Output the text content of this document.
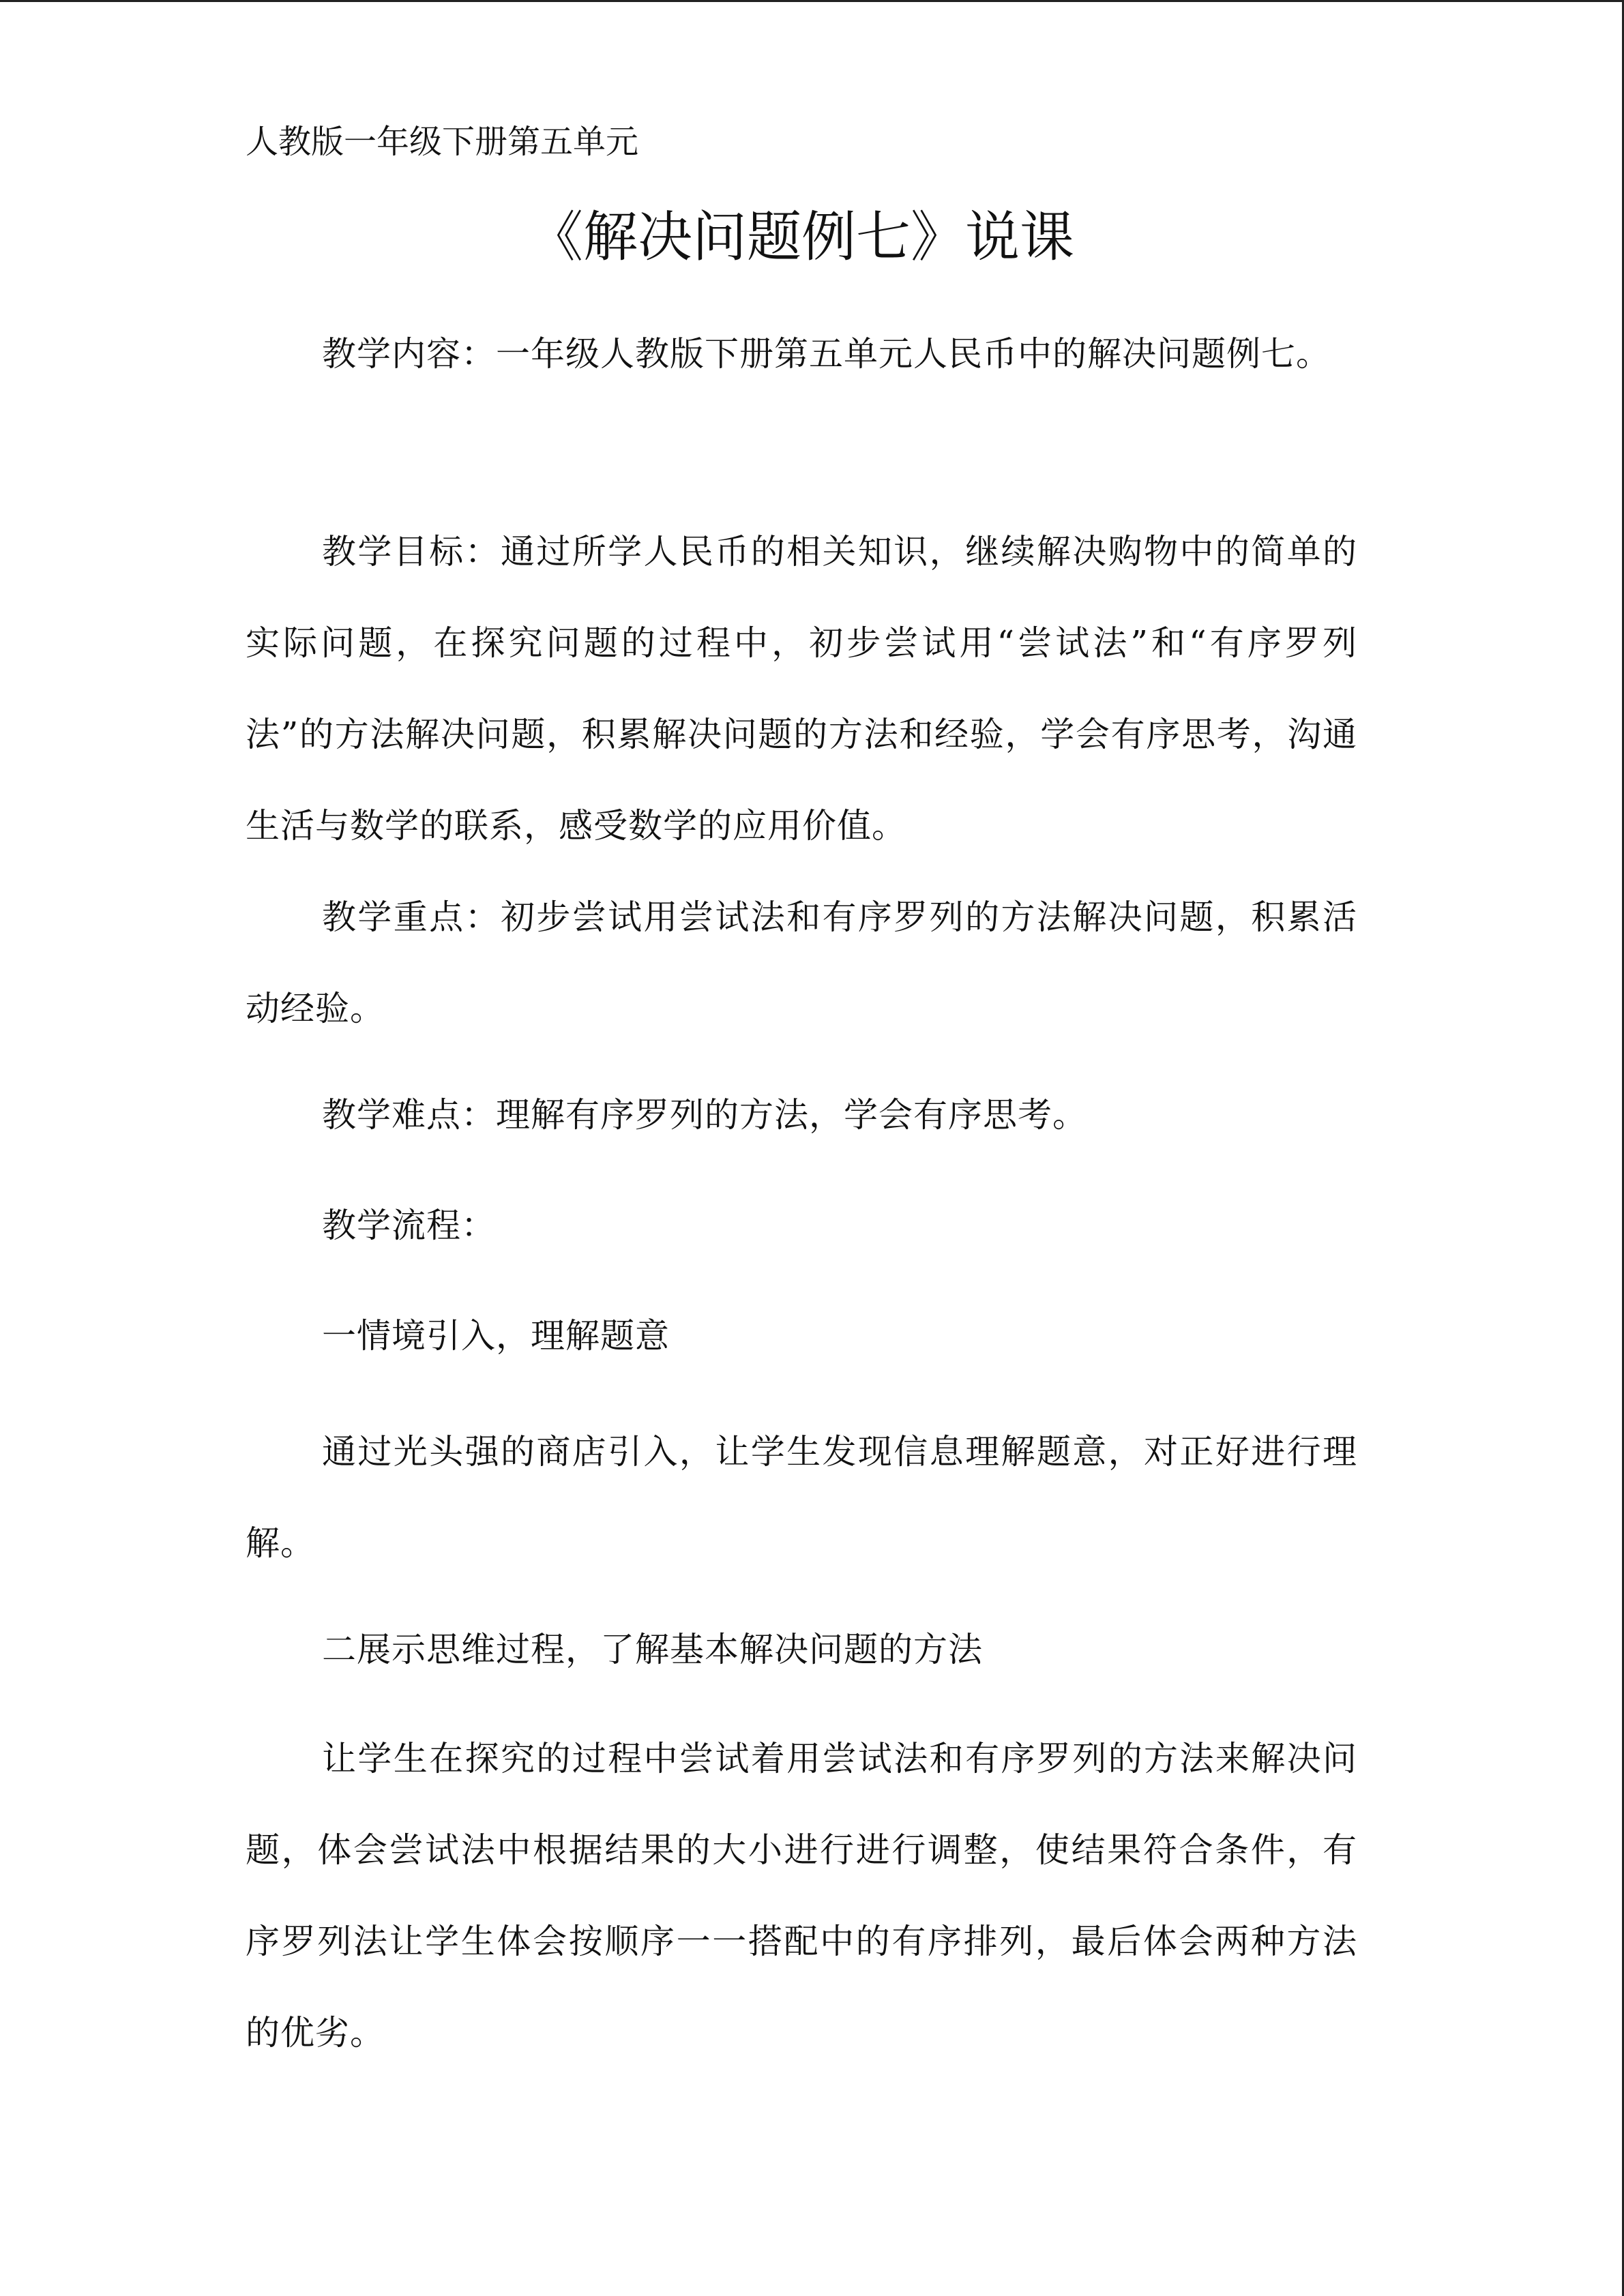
人教版一年级下册第五单元
《解决问题例七》说课
教学内容：一年级人教版下册第五单元人民币中的解决问题例七。
教学目标：通过所学人民币的相关知识，继续解决购物中的简单的实际问题，在探究问题的过程中，初步尝试用“尝试法”和“有序罗列法”的方法解决问题，积累解决问题的方法和经验，学会有序思考，沟通生活与数学的联系，感受数学的应用价值。
教学重点：初步尝试用尝试法和有序罗列的方法解决问题，积累活动经验。
教学难点：理解有序罗列的方法，学会有序思考。
教学流程：
一情境引入，理解题意
通过光头强的商店引入，让学生发现信息理解题意，对正好进行理解。
二展示思维过程，了解基本解决问题的方法
让学生在探究的过程中尝试着用尝试法和有序罗列的方法来解决问题，体会尝试法中根据结果的大小进行进行调整，使结果符合条件，有序罗列法让学生体会按顺序一一搭配中的有序排列，最后体会两种方法的优劣。
